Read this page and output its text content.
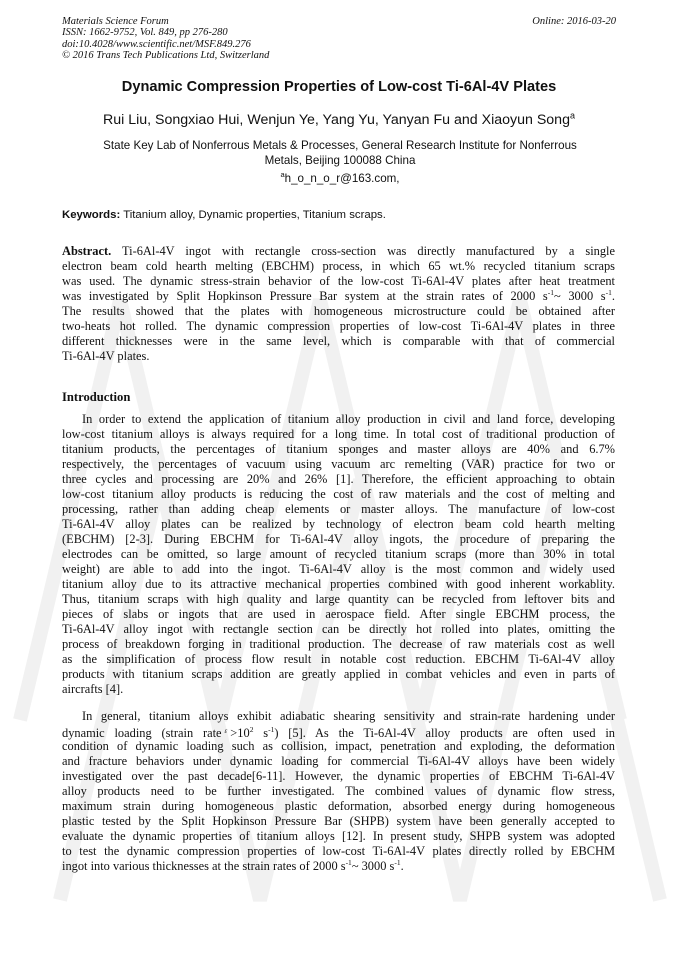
Materials Science Forum
ISSN: 1662-9752, Vol. 849, pp 276-280
doi:10.4028/www.scientific.net/MSF.849.276
© 2016 Trans Tech Publications Ltd, Switzerland
Online: 2016-03-20
Dynamic Compression Properties of Low-cost Ti-6Al-4V Plates
Rui Liu, Songxiao Hui, Wenjun Ye, Yang Yu, Yanyan Fu and Xiaoyun Song$^a$
State Key Lab of Nonferrous Metals & Processes, General Research Institute for Nonferrous
Metals, Beijing 100088 China
$^a$h_o_n_o_r@163.com,
Keywords: Titanium alloy, Dynamic properties, Titanium scraps.
Abstract. Ti-6Al-4V ingot with rectangle cross-section was directly manufactured by a single
electron beam cold hearth melting (EBCHM) process, in which 65 wt.% recycled titanium scraps
was used. The dynamic stress-strain behavior of the low-cost Ti-6Al-4V plates after heat treatment
was investigated by Split Hopkinson Pressure Bar system at the strain rates of 2000 $s^{-1}\sim$ 3000 $s^{-1}$.
The results showed that the plates with homogeneous microstructure could be obtained after
two-heats hot rolled. The dynamic compression properties of low-cost Ti-6Al-4V plates in three
different thicknesses were in the same level, which is comparable with that of commercial
Ti-6Al-4V plates.
Introduction
In order to extend the application of titanium alloy production in civil and land force, developing
low-cost titanium alloys is always required for a long time. In total cost of traditional production of
titanium products, the percentages of titanium sponges and master alloys are 40% and 6.7%
respectively, the percentages of vacuum using vacuum arc remelting (VAR) practice for two or
three cycles and processing are 20% and 26% [1]. Therefore, the efficient approaching to obtain
low-cost titanium alloy products is reducing the cost of raw materials and the cost of melting and
processing, rather than adding cheap elements or master alloys. The manufacture of low-cost
Ti-6Al-4V alloy plates can be realized by technology of electron beam cold hearth melting
(EBCHM) [2-3]. During EBCHM for Ti-6Al-4V alloy ingots, the procedure of preparing the
electrodes can be omitted, so large amount of recycled titanium scraps (more than 30% in total
weight) are able to add into the ingot. Ti-6Al-4V alloy is the most common and widely used
titanium alloy due to its attractive mechanical properties combined with good inherent workablity.
Thus, titanium scraps with high quality and large quantity can be recycled from leftover bits and
pieces of slabs or ingots that are used in aerospace field. After single EBCHM process, the
Ti-6Al-4V alloy ingot with rectangle section can be directly hot rolled into plates, omitting the
process of breakdown forging in traditional production. The decrease of raw materials cost as well
as the simplification of process flow result in notable cost reduction. EBCHM Ti-6Al-4V alloy
products with titanium scraps addition are greatly applied in combat vehicles and even in parts of
aircrafts [4].
In general, titanium alloys exhibit adiabatic shearing sensitivity and strain-rate hardening under
dynamic loading (strain rate $^\varepsilon >10^2$ $s^{-1}$) [5]. As the Ti-6Al-4V alloy products are often used in
condition of dynamic loading such as collision, impact, penetration and exploding, the deformation
and fracture behaviors under dynamic loading for commercial Ti-6Al-4V alloys have been widely
investigated over the past decade[6-11]. However, the dynamic properties of EBCHM Ti-6Al-4V
alloy products need to be further investigated. The combined values of dynamic flow stress,
maximum strain during homogeneous plastic deformation, absorbed energy during homogeneous
plastic tested by the Split Hopkinson Pressure Bar (SHPB) system have been generally accepted to
evaluate the dynamic properties of titanium alloys [12]. In present study, SHPB system was adopted
to test the dynamic compression properties of low-cost Ti-6Al-4V plates directly rolled by EBCHM
ingot into various thicknesses at the strain rates of 2000 $s^{-1}\sim$ 3000 $s^{-1}$.
